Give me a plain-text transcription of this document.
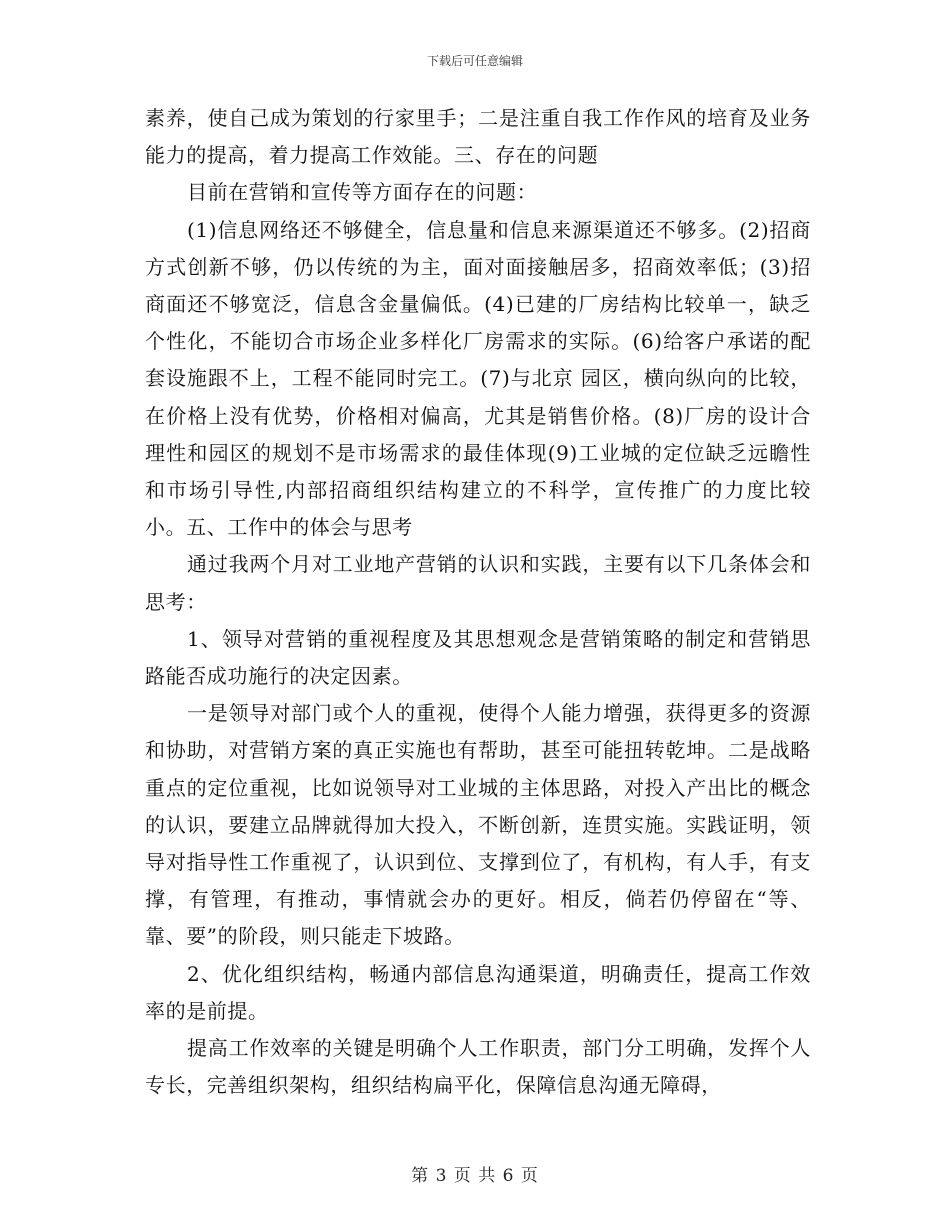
下载后可任意编辑

素养，使自己成为策划的行家里手；二是注重自我工作作风的培育及业务能力的提高，着力提高工作效能。三、存在的问题

目前在营销和宣传等方面存在的问题：

(1)信息网络还不够健全，信息量和信息来源渠道还不够多。(2)招商方式创新不够，仍以传统的为主，面对面接触居多，招商效率低；(3)招商面还不够宽泛，信息含金量偏低。(4)已建的厂房结构比较单一，缺乏个性化，不能切合市场企业多样化厂房需求的实际。(6)给客户承诺的配套设施跟不上，工程不能同时完工。(7)与北京 园区，横向纵向的比较，在价格上没有优势，价格相对偏高，尤其是销售价格。(8)厂房的设计合理性和园区的规划不是市场需求的最佳体现(9)工业城的定位缺乏远瞻性和市场引导性,内部招商组织结构建立的不科学，宣传推广的力度比较小。五、工作中的体会与思考

通过我两个月对工业地产营销的认识和实践，主要有以下几条体会和思考：

1、领导对营销的重视程度及其思想观念是营销策略的制定和营销思路能否成功施行的决定因素。

一是领导对部门或个人的重视，使得个人能力增强，获得更多的资源和协助，对营销方案的真正实施也有帮助，甚至可能扭转乾坤。二是战略重点的定位重视，比如说领导对工业城的主体思路，对投入产出比的概念的认识，要建立品牌就得加大投入，不断创新，连贯实施。实践证明，领导对指导性工作重视了，认识到位、支撑到位了，有机构，有人手，有支撑，有管理，有推动，事情就会办的更好。相反，倘若仍停留在“等、靠、要”的阶段，则只能走下坡路。

2、优化组织结构，畅通内部信息沟通渠道，明确责任，提高工作效率的是前提。

提高工作效率的关键是明确个人工作职责，部门分工明确，发挥个人专长，完善组织架构，组织结构扁平化，保障信息沟通无障碍，

第 3 页 共 6 页
